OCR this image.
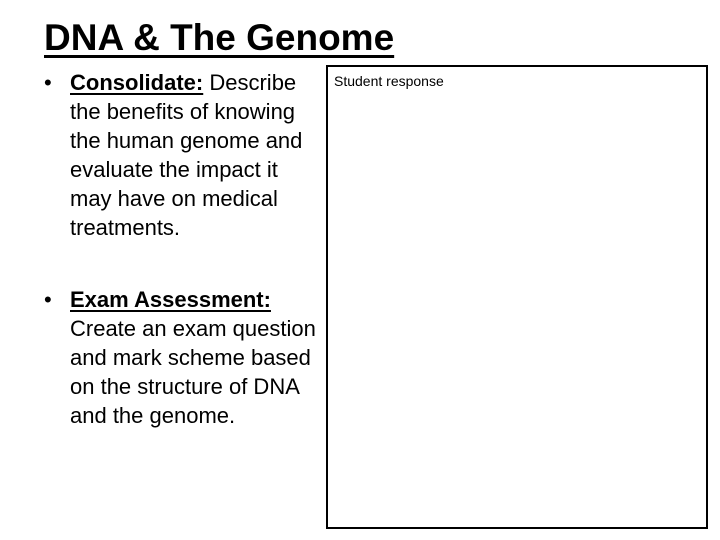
DNA & The Genome
• Consolidate: Describe the benefits of knowing the human genome and evaluate the impact it may have on medical treatments.
• Exam Assessment: Create an exam question and mark scheme based on the structure of DNA and the genome.
Student response
